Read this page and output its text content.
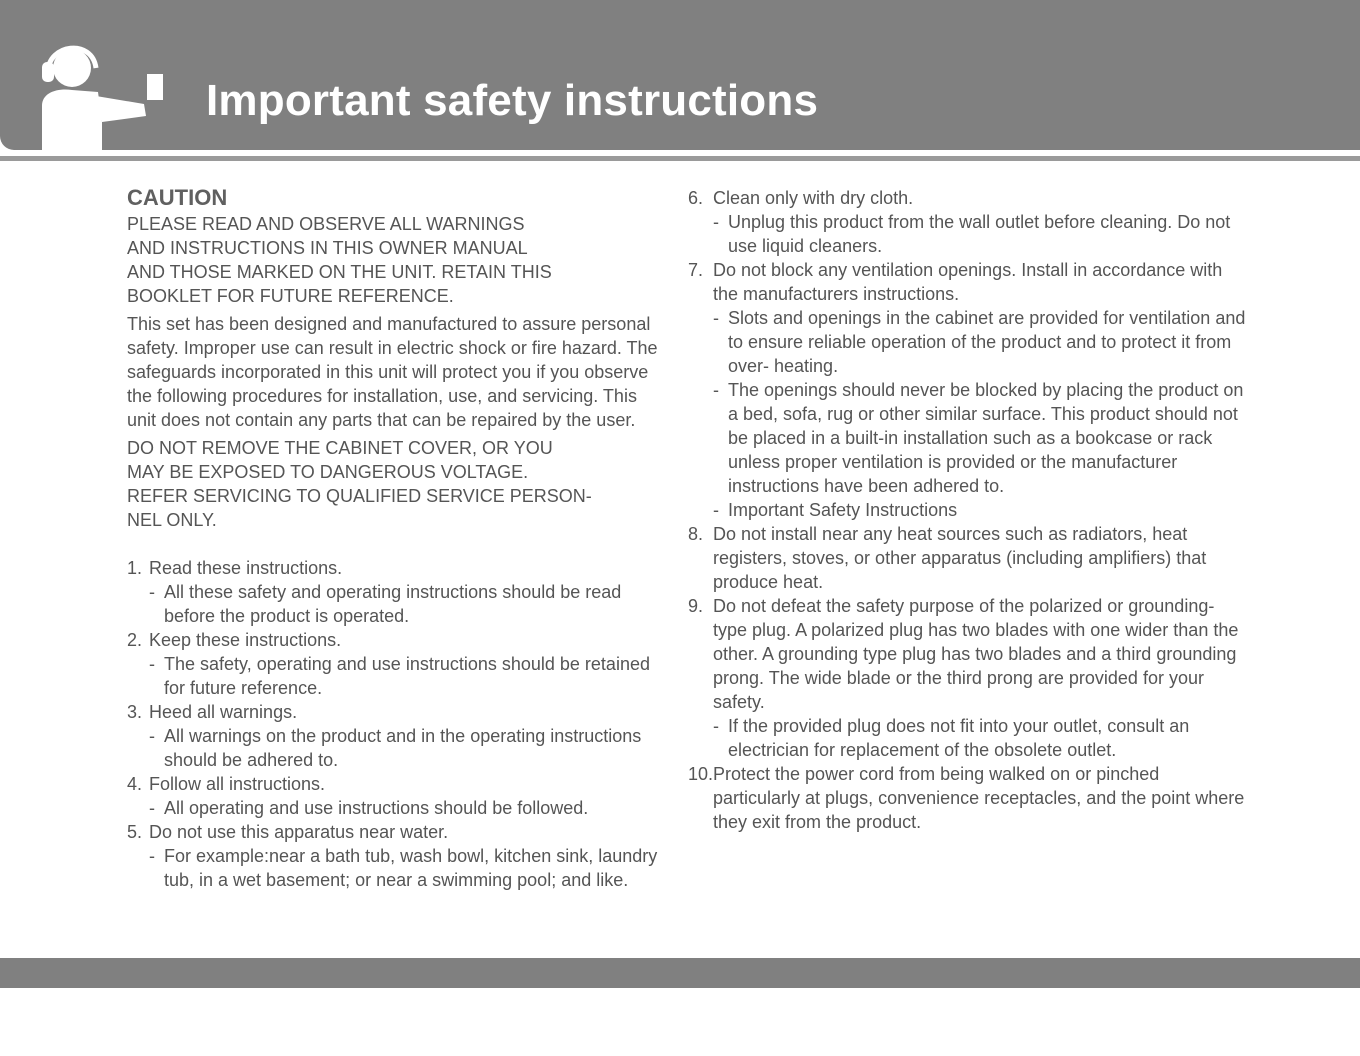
Important safety instructions

CAUTION

PLEASE READ AND OBSERVE ALL WARNINGS
AND INSTRUCTIONS IN THIS OWNER MANUAL
AND THOSE MARKED ON THE UNIT. RETAIN THIS
BOOKLET FOR FUTURE REFERENCE.

This set has been designed and manufactured to assure personal safety. Improper use can result in electric shock or fire hazard. The safeguards incorporated in this unit will protect you if you observe the following procedures for installation, use, and servicing. This unit does not contain any parts that can be repaired by the user.

DO NOT REMOVE THE CABINET COVER, OR YOU
MAY BE EXPOSED TO DANGEROUS VOLTAGE.
REFER SERVICING TO QUALIFIED SERVICE PERSON-
NEL ONLY.
1. Read these instructions.
- All these safety and operating instructions should be read before the product is operated.
2. Keep these instructions.
- The safety, operating and use instructions should be retained for future reference.
3. Heed all warnings.
- All warnings on the product and in the operating instructions should be adhered to.
4. Follow all instructions.
- All operating and use instructions should be followed.
5. Do not use this apparatus near water.
- For example:near a bath tub, wash bowl, kitchen sink, laundry tub, in a wet basement; or near a swimming pool; and like.
6. Clean only with dry cloth.
- Unplug this product from the wall outlet before cleaning. Do not use liquid cleaners.
7. Do not block any ventilation openings. Install in accordance with the manufacturers instructions.
- Slots and openings in the cabinet are provided for ventilation and to ensure reliable operation of the product and to protect it from over- heating.
- The openings should never be blocked by placing the product on a bed, sofa, rug or other similar surface. This product should not be placed in a built-in installation such as a bookcase or rack unless proper ventilation is provided or the manufacturer instructions have been adhered to.
- Important Safety Instructions
8. Do not install near any heat sources such as radiators, heat registers, stoves, or other apparatus (including amplifiers) that produce heat.
9. Do not defeat the safety purpose of the polarized or grounding-type plug. A polarized plug has two blades with one wider than the other. A grounding type plug has two blades and a third grounding prong. The wide blade or the third prong are provided for your safety.
- If the provided plug does not fit into your outlet, consult an electrician for replacement of the obsolete outlet.
10. Protect the power cord from being walked on or pinched particularly at plugs, convenience receptacles, and the point where they exit from the product.
